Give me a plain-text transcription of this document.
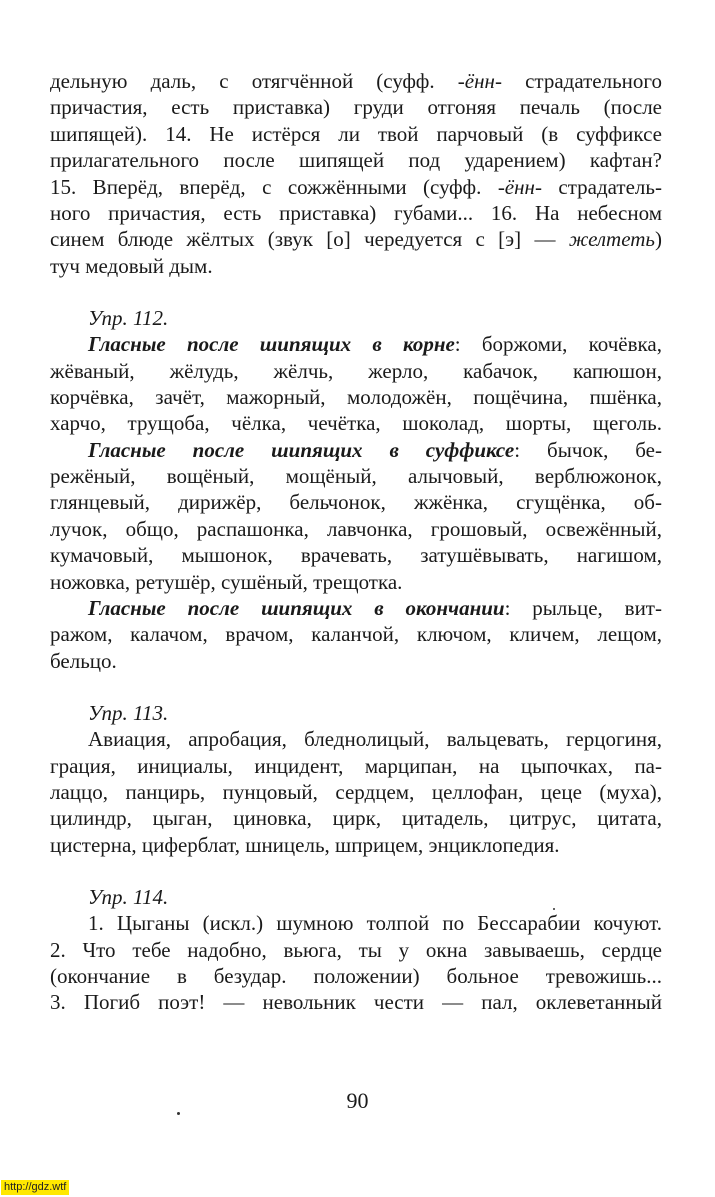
дельную даль, с отягчённой (суфф. -ённ- страдательного
причастия, есть приставка) груди отгоняя печаль (после
шипящей). 14. Не истёрся ли твой парчовый (в суффиксе
прилагательного после шипящей под ударением) кафтан?
15. Вперёд, вперёд, с сожжёнными (суфф. -ённ- страдатель-
ного причастия, есть приставка) губами... 16. На небесном
синем блюде жёлтых (звук [о] чередуется с [э] — желтеть)
туч медовый дым.
Упр. 112.
Гласные после шипящих в корне: боржоми, кочёвка,
жёваный, жёлудь, жёлчь, жерло, кабачок, капюшон,
корчёвка, зачёт, мажорный, молодожён, пощёчина, пшёнка,
харчо, трущоба, чёлка, чечётка, шоколад, шорты, щеголь.
Гласные после шипящих в суффиксе: бычок, бе-
режёный, вощёный, мощёный, алычовый, верблюжонок,
глянцевый, дирижёр, бельчонок, жжёнка, сгущёнка, об-
лучок, общо, распашонка, лавчонка, грошовый, освежённый,
кумачовый, мышонок, врачевать, затушёвывать, нагишом,
ножовка, ретушёр, сушёный, трещотка.
Гласные после шипящих в окончании: рыльце, вит-
ражом, калачом, врачом, каланчой, ключом, кличем, лещом,
бельцо.
Упр. 113.
Авиация, апробация, бледнолицый, вальцевать, герцогиня,
грация, инициалы, инцидент, марципан, на цыпочках, па-
лаццо, панцирь, пунцовый, сердцем, целлофан, цеце (муха),
цилиндр, цыган, циновка, цирк, цитадель, цитрус, цитата,
цистерна, циферблат, шницель, шприцем, энциклопедия.
Упр. 114.
1. Цыганы (искл.) шумною толпой по Бессарабии кочуют.
2. Что тебе надобно, вьюга, ты у окна завываешь, сердце
(окончание в безудар. положении) больное тревожишь...
3. Погиб поэт! — невольник чести — пал, оклеветанный
90
http://gdz.wtf
